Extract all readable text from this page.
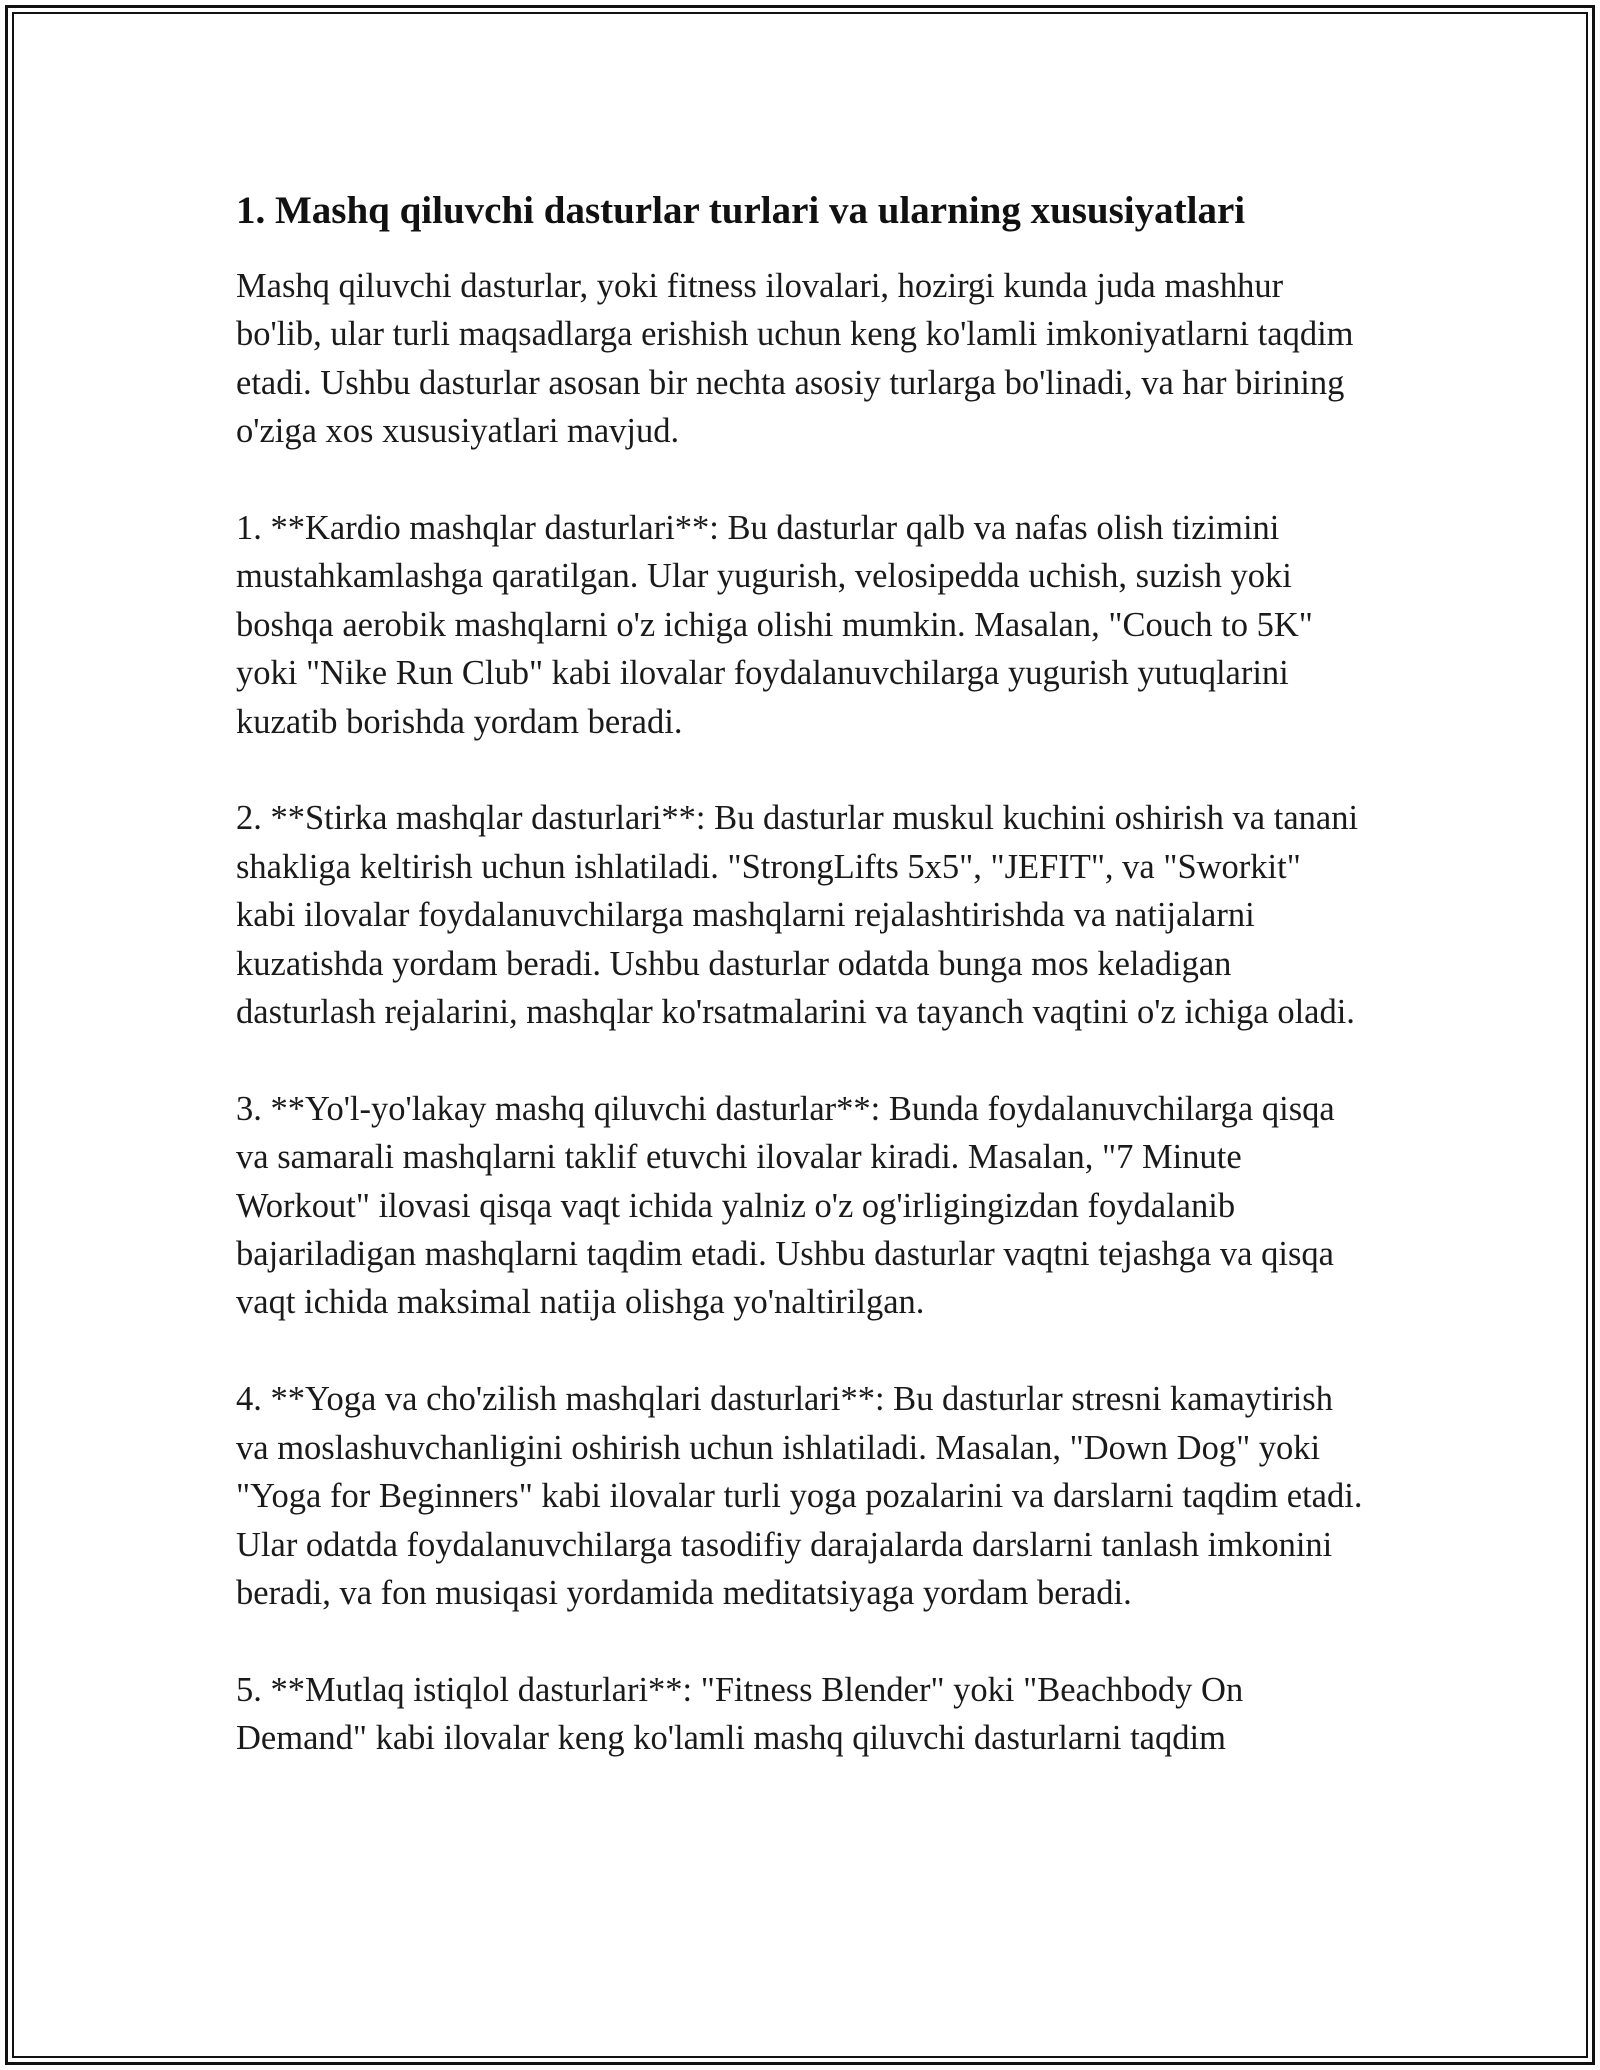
1. Mashq qiluvchi dasturlar turlari va ularning xususiyatlari

Mashq qiluvchi dasturlar, yoki fitness ilovalari, hozirgi kunda juda mashhur bo'lib, ular turli maqsadlarga erishish uchun keng ko'lamli imkoniyatlarni taqdim etadi. Ushbu dasturlar asosan bir nechta asosiy turlarga bo'linadi, va har birining o'ziga xos xususiyatlari mavjud.

1. **Kardio mashqlar dasturlari**: Bu dasturlar qalb va nafas olish tizimini mustahkamlashga qaratilgan. Ular yugurish, velosipedda uchish, suzish yoki boshqa aerobik mashqlarni o'z ichiga olishi mumkin. Masalan, "Couch to 5K" yoki "Nike Run Club" kabi ilovalar foydalanuvchilarga yugurish yutuqlarini kuzatib borishda yordam beradi.

2. **Stirka mashqlar dasturlari**: Bu dasturlar muskul kuchini oshirish va tanani shakliga keltirish uchun ishlatiladi. "StrongLifts 5x5", "JEFIT", va "Sworkit" kabi ilovalar foydalanuvchilarga mashqlarni rejalashtirishda va natijalarni kuzatishda yordam beradi. Ushbu dasturlar odatda bunga mos keladigan dasturlash rejalarini, mashqlar ko'rsatmalarini va tayanch vaqtini o'z ichiga oladi.

3. **Yo'l-yo'lakay mashq qiluvchi dasturlar**: Bunda foydalanuvchilarga qisqa va samarali mashqlarni taklif etuvchi ilovalar kiradi. Masalan, "7 Minute Workout" ilovasi qisqa vaqt ichida yalniz o'z og'irligingizdan foydalanib bajariladigan mashqlarni taqdim etadi. Ushbu dasturlar vaqtni tejashga va qisqa vaqt ichida maksimal natija olishga yo'naltirilgan.

4. **Yoga va cho'zilish mashqlari dasturlari**: Bu dasturlar stresni kamaytirish va moslashuvchanligini oshirish uchun ishlatiladi. Masalan, "Down Dog" yoki "Yoga for Beginners" kabi ilovalar turli yoga pozalarini va darslarni taqdim etadi. Ular odatda foydalanuvchilarga tasodifiy darajalarda darslarni tanlash imkonini beradi, va fon musiqasi yordamida meditatsiyaga yordam beradi.

5. **Mutlaq istiqlol dasturlari**: "Fitness Blender" yoki "Beachbody On Demand" kabi ilovalar keng ko'lamli mashq qiluvchi dasturlarni taqdim
